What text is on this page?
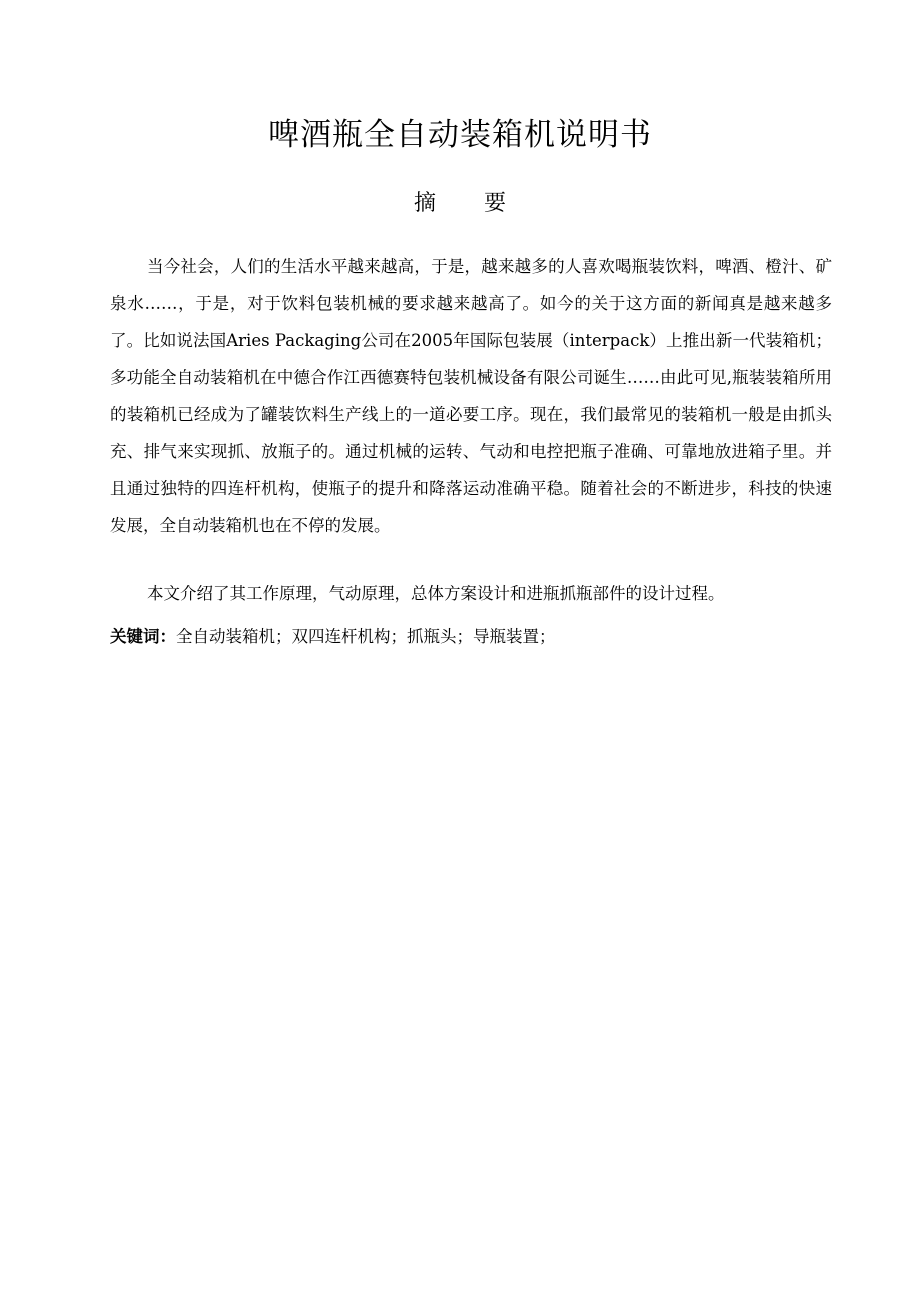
啤酒瓶全自动装箱机说明书
摘 要

当今社会，人们的生活水平越来越高，于是，越来越多的人喜欢喝瓶装饮料，啤酒、橙汁、矿泉水……，于是，对于饮料包装机械的要求越来越高了。如今的关于这方面的新闻真是越来越多了。比如说法国Aries Packaging公司在2005年国际包装展（interpack）上推出新一代装箱机；多功能全自动装箱机在中德合作江西德赛特包装机械设备有限公司诞生……由此可见,瓶装装箱所用的装箱机已经成为了罐装饮料生产线上的一道必要工序。现在，我们最常见的装箱机一般是由抓头充、排气来实现抓、放瓶子的。通过机械的运转、气动和电控把瓶子准确、可靠地放进箱子里。并且通过独特的四连杆机构，使瓶子的提升和降落运动准确平稳。随着社会的不断进步，科技的快速发展，全自动装箱机也在不停的发展。

本文介绍了其工作原理，气动原理，总体方案设计和进瓶抓瓶部件的设计过程。

关键词：全自动装箱机；双四连杆机构；抓瓶头；导瓶装置；
